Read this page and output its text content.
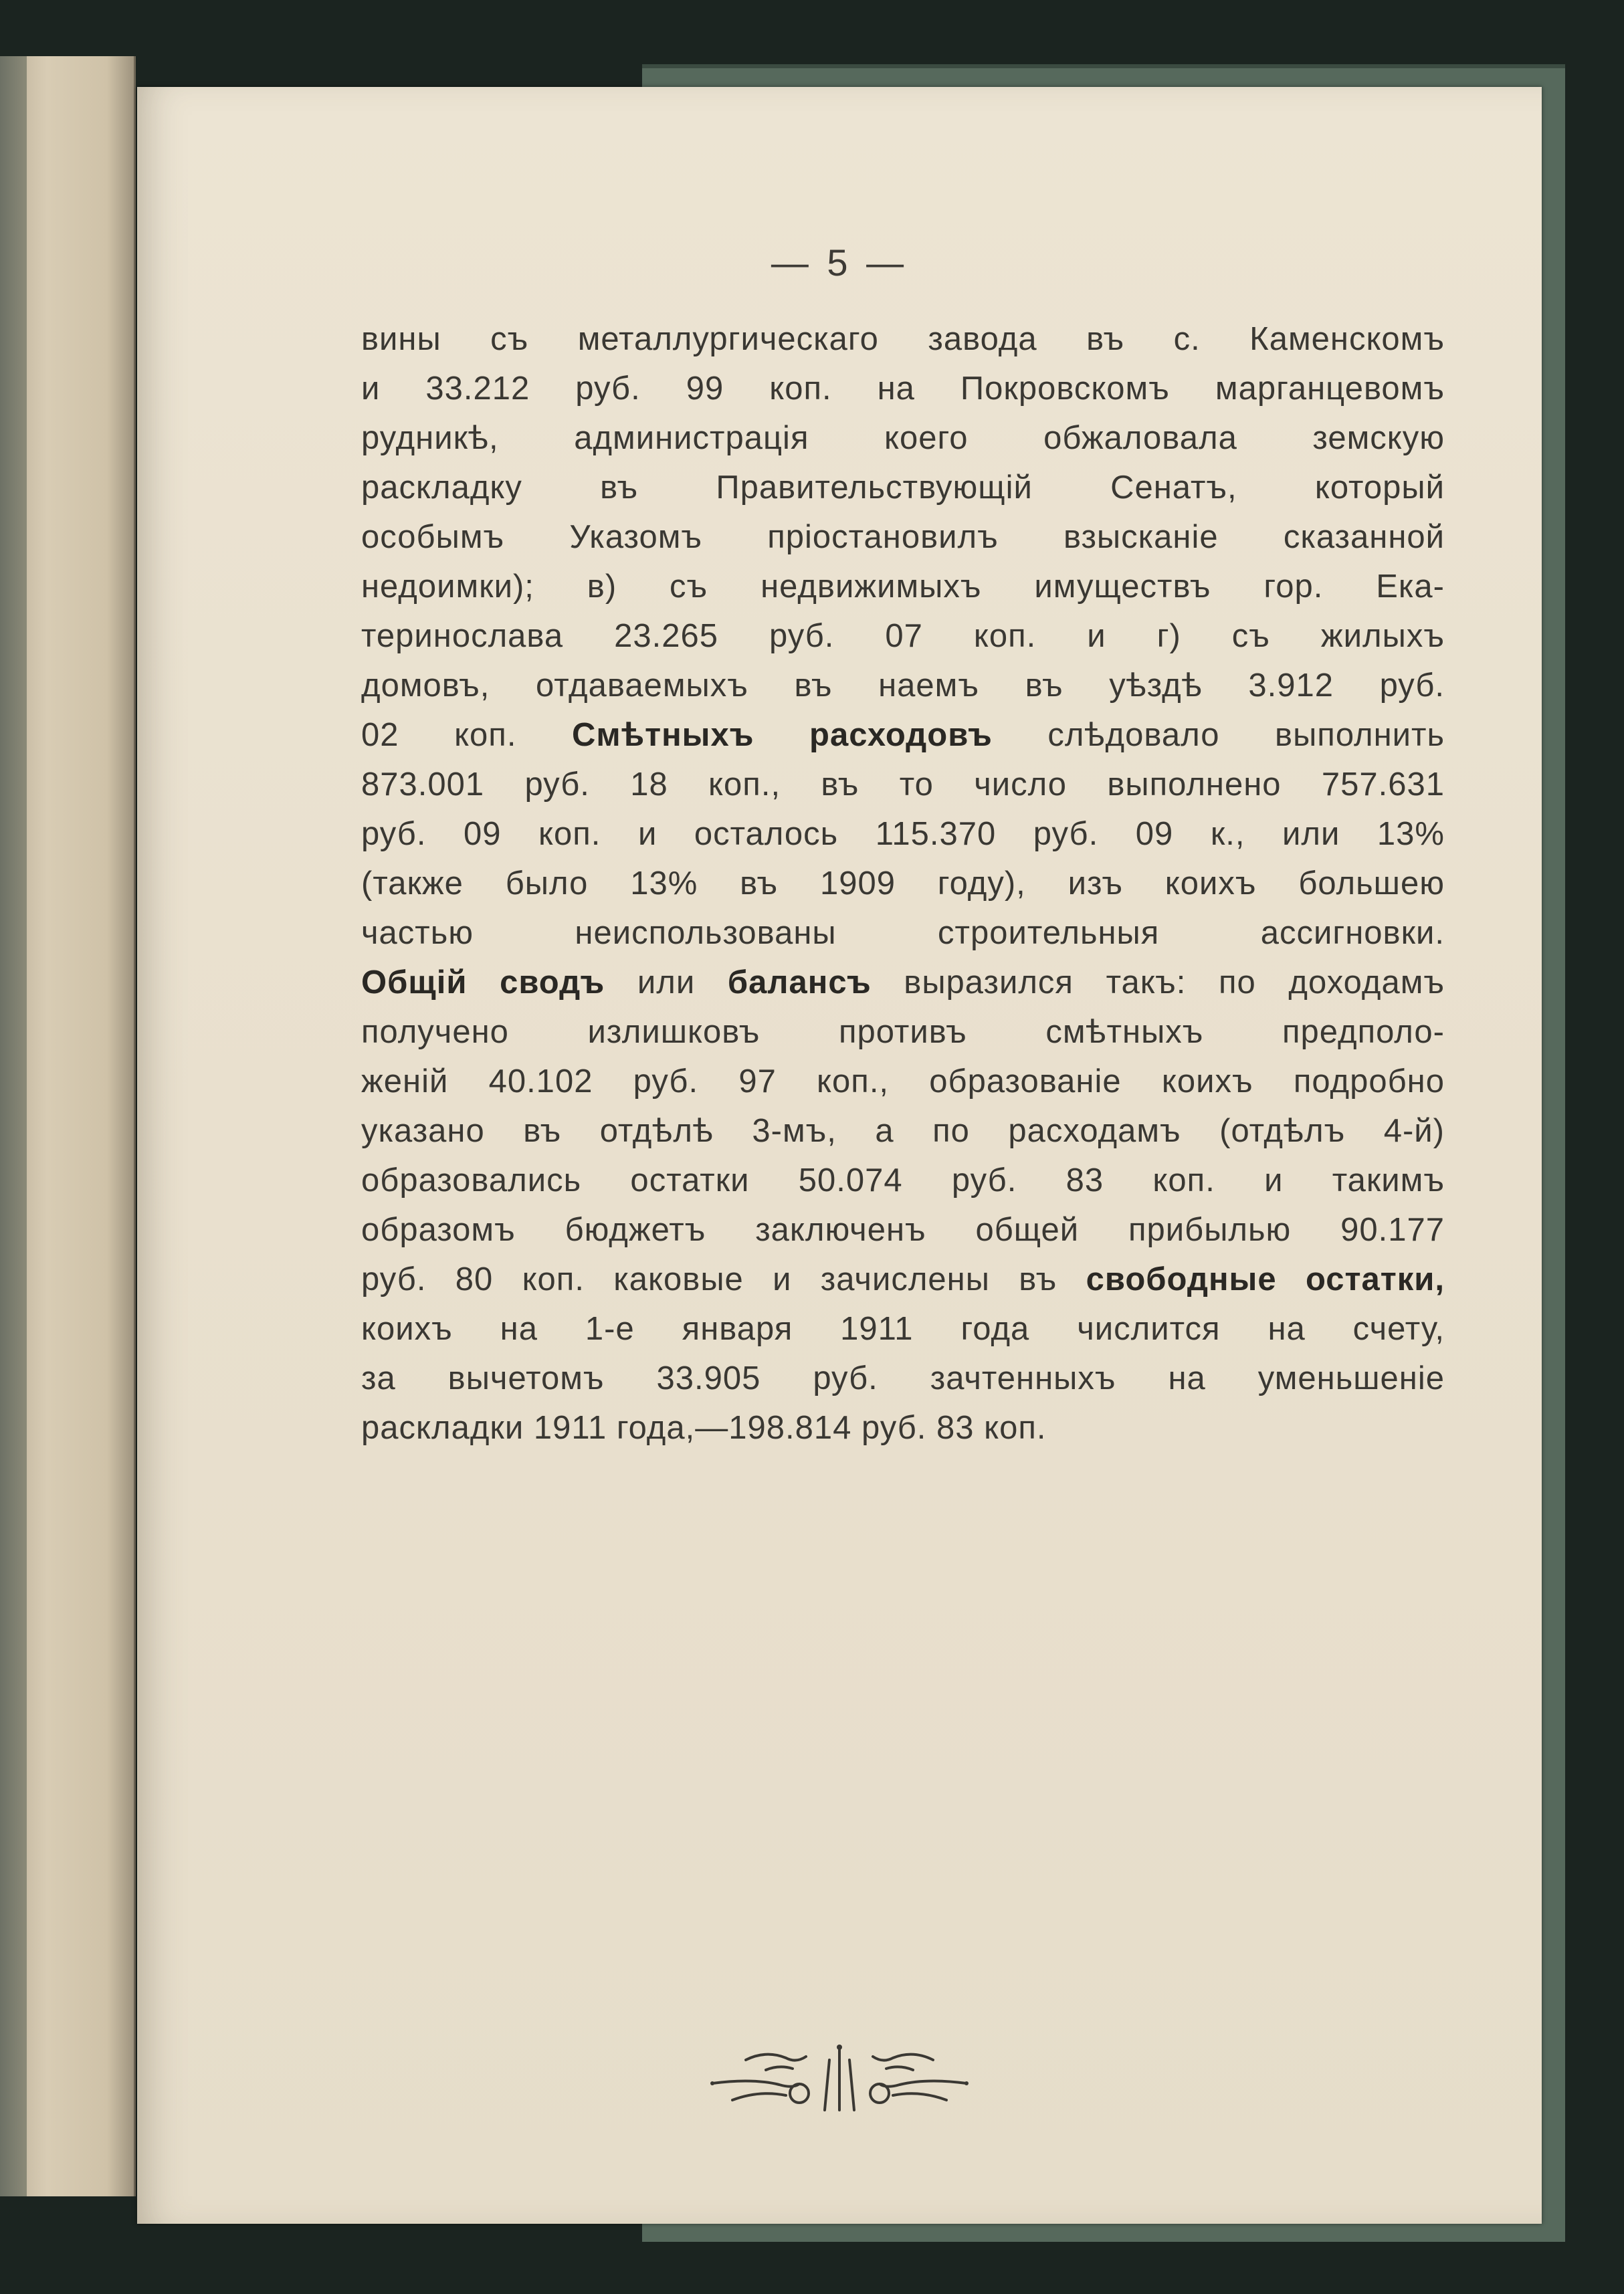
— 5 —
вины съ металлургическаго завода въ с. Каменскомъ
и 33.212 руб. 99 коп. на Покровскомъ марганцевомъ
рудникѣ, администрація коего обжаловала земскую
раскладку въ Правительствующій Сенатъ, который
особымъ Указомъ пріостановилъ взысканіе сказанной
недоимки); в) съ недвижимыхъ имуществъ гор. Ека-
теринослава 23.265 руб. 07 коп. и г) съ жилыхъ
домовъ, отдаваемыхъ въ наемъ въ уѣздѣ 3.912 руб.
02 коп. Смѣтныхъ расходовъ слѣдовало выполнить
873.001 руб. 18 коп., въ то число выполнено 757.631
руб. 09 коп. и осталось 115.370 руб. 09 к., или 13%
(также было 13% въ 1909 году), изъ коихъ большею
частью неиспользованы строительныя ассигновки.
Общій сводъ или балансъ выразился такъ: по доходамъ
получено излишковъ противъ смѣтныхъ предполо-
женій 40.102 руб. 97 коп., образованіе коихъ подробно
указано въ отдѣлѣ 3-мъ, а по расходамъ (отдѣлъ 4-й)
образовались остатки 50.074 руб. 83 коп. и такимъ
образомъ бюджетъ заключенъ общей прибылью 90.177
руб. 80 коп. каковые и зачислены въ свободные остатки,
коихъ на 1-е января 1911 года числится на счету,
за вычетомъ 33.905 руб. зачтенныхъ на уменьшеніе
раскладки 1911 года,—198.814 руб. 83 коп.
